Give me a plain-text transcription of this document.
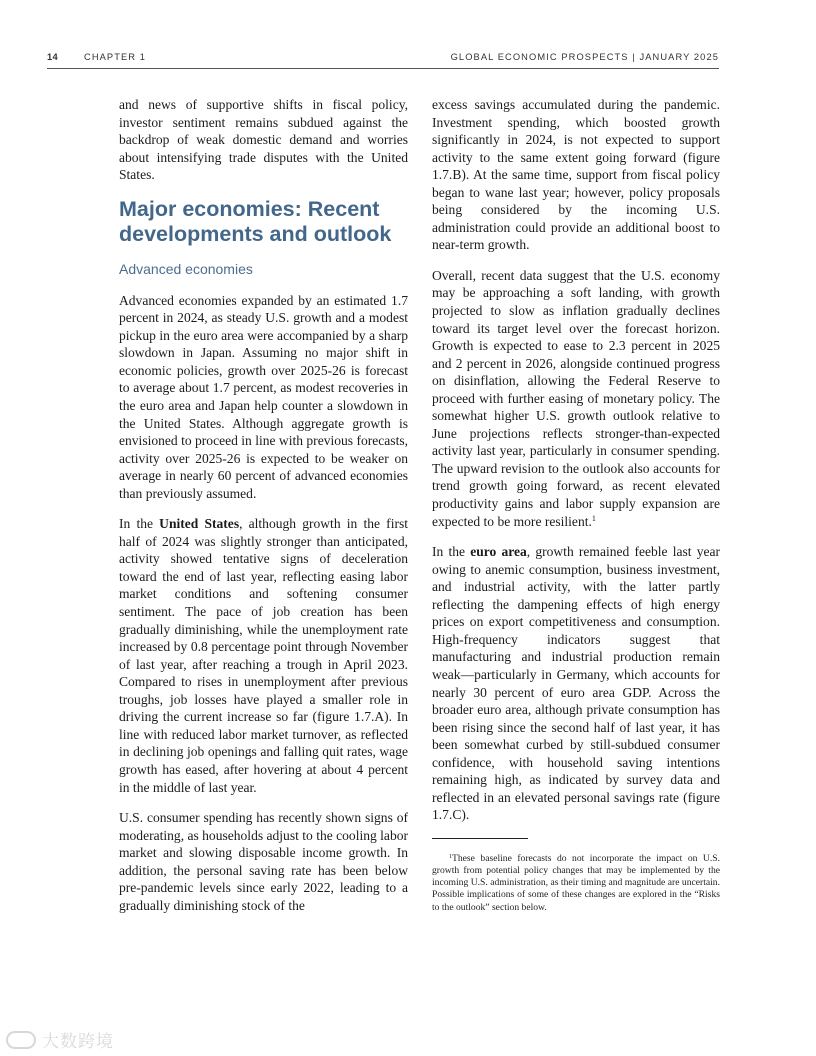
14	CHAPTER 1	GLOBAL ECONOMIC PROSPECTS | JANUARY 2025

and news of supportive shifts in fiscal policy, investor sentiment remains subdued against the backdrop of weak domestic demand and worries about intensifying trade disputes with the United States.

Major economies: Recent developments and outlook
Advanced economies

Advanced economies expanded by an estimated 1.7 percent in 2024, as steady U.S. growth and a modest pickup in the euro area were accompanied by a sharp slowdown in Japan. Assuming no major shift in economic policies, growth over 2025-26 is forecast to average about 1.7 percent, as modest recoveries in the euro area and Japan help counter a slowdown in the United States. Although aggregate growth is envisioned to proceed in line with previous forecasts, activity over 2025-26 is expected to be weaker on average in nearly 60 percent of advanced economies than previously assumed.

In the United States, although growth in the first half of 2024 was slightly stronger than anticipated, activity showed tentative signs of deceleration toward the end of last year, reflecting easing labor market conditions and softening consumer sentiment. The pace of job creation has been gradually diminishing, while the unemployment rate increased by 0.8 percentage point through November of last year, after reaching a trough in April 2023. Compared to rises in unemployment after previous troughs, job losses have played a smaller role in driving the current increase so far (figure 1.7.A). In line with reduced labor market turnover, as reflected in declining job openings and falling quit rates, wage growth has eased, after hovering at about 4 percent in the middle of last year.

U.S. consumer spending has recently shown signs of moderating, as households adjust to the cooling labor market and slowing disposable income growth. In addition, the personal saving rate has been below pre-pandemic levels since early 2022, leading to a gradually diminishing stock of the

excess savings accumulated during the pandemic. Investment spending, which boosted growth significantly in 2024, is not expected to support activity to the same extent going forward (figure 1.7.B). At the same time, support from fiscal policy began to wane last year; however, policy proposals being considered by the incoming U.S. administration could provide an additional boost to near-term growth.

Overall, recent data suggest that the U.S. economy may be approaching a soft landing, with growth projected to slow as inflation gradually declines toward its target level over the forecast horizon. Growth is expected to ease to 2.3 percent in 2025 and 2 percent in 2026, alongside continued progress on disinflation, allowing the Federal Reserve to proceed with further easing of monetary policy. The somewhat higher U.S. growth outlook relative to June projections reflects stronger-than-expected activity last year, particularly in consumer spending. The upward revision to the outlook also accounts for trend growth going forward, as recent elevated productivity gains and labor supply expansion are expected to be more resilient.$^1$

In the euro area, growth remained feeble last year owing to anemic consumption, business investment, and industrial activity, with the latter partly reflecting the dampening effects of high energy prices on export competitiveness and consumption. High-frequency indicators suggest that manufacturing and industrial production remain weak—particularly in Germany, which accounts for nearly 30 percent of euro area GDP. Across the broader euro area, although private consumption has been rising since the second half of last year, it has been somewhat curbed by still-subdued consumer confidence, with household saving intentions remaining high, as indicated by survey data and reflected in an elevated personal savings rate (figure 1.7.C).

$^1$These baseline forecasts do not incorporate the impact on U.S. growth from potential policy changes that may be implemented by the incoming U.S. administration, as their timing and magnitude are uncertain. Possible implications of some of these changes are explored in the “Risks to the outlook” section below.

大数跨境
